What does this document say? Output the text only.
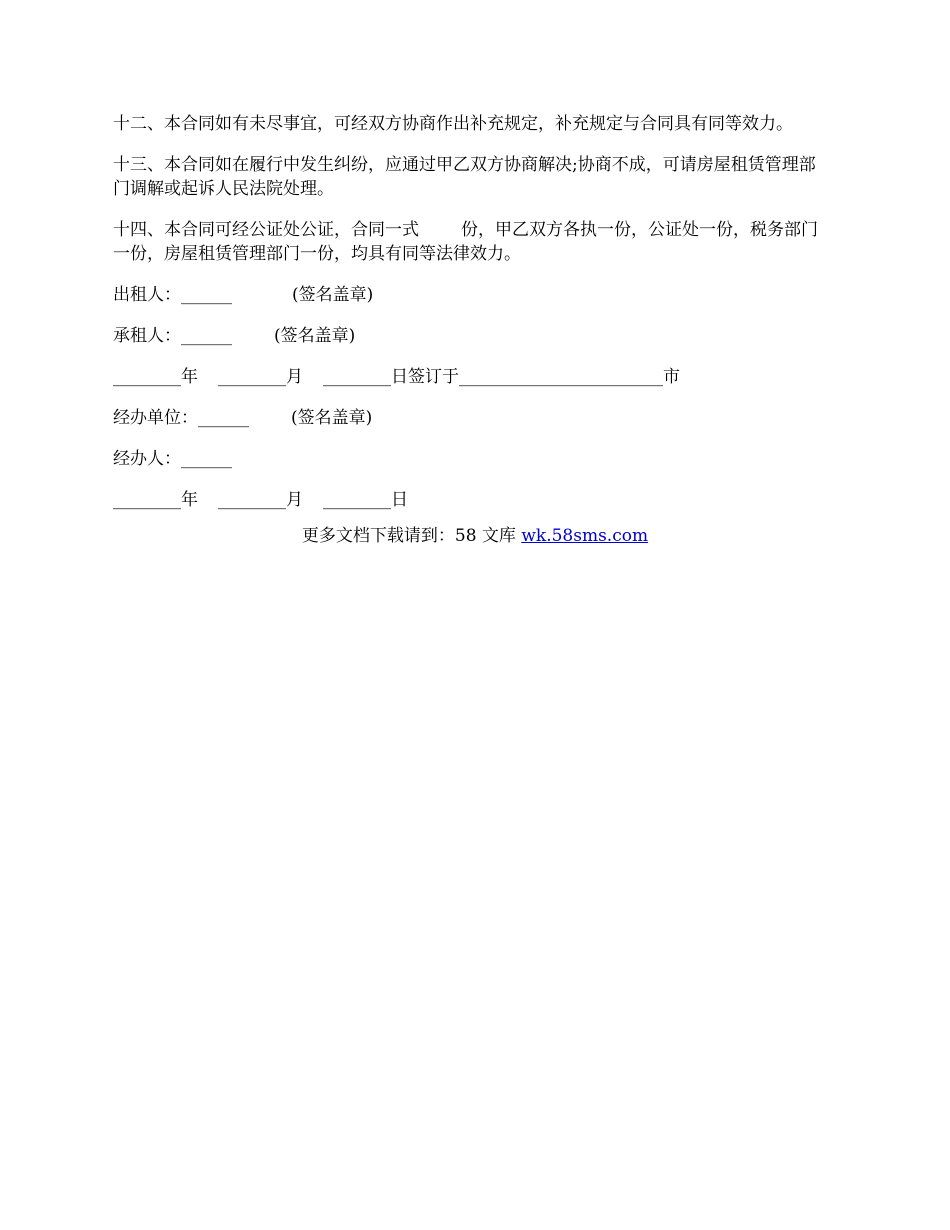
十二、本合同如有未尽事宜，可经双方协商作出补充规定，补充规定与合同具有同等效力。

十三、本合同如在履行中发生纠纷，应通过甲乙双方协商解决;协商不成，可请房屋租赁管理部门调解或起诉人民法院处理。

十四、本合同可经公证处公证，合同一式 份，甲乙双方各执一份，公证处一份，税务部门一份，房屋租赁管理部门一份，均具有同等法律效力。

出租人：______	(签名盖章)
承租人：______ (签名盖章)
________年 ________月 ________日签订于________________________市
经办单位：______ (签名盖章)
经办人：______
________年 ________月 ________日
更多文档下载请到：58 文库 wk.58sms.com
